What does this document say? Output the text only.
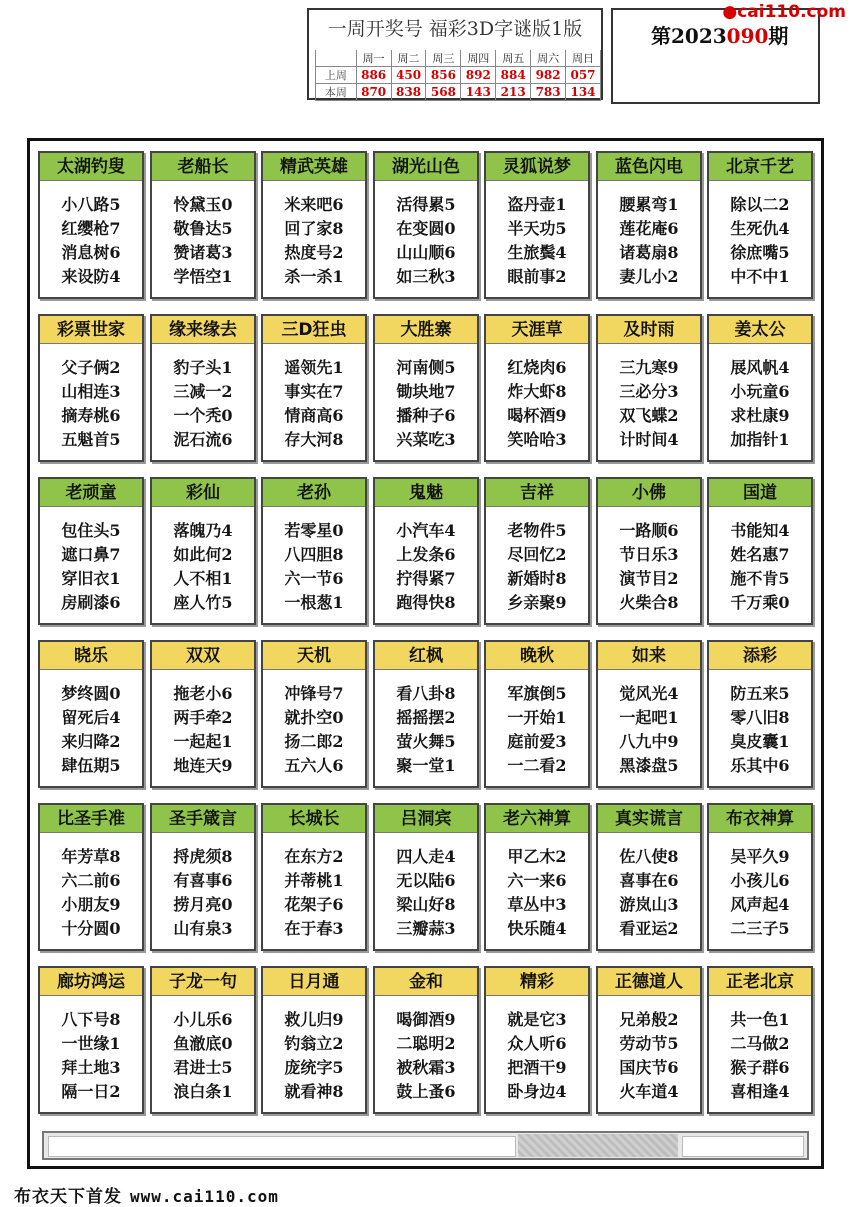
一周开奖号 福彩3D字谜版1版
	周一	周二	周三	周四	周五	周六	周日
上周	886	450	856	892	884	982	057
本周	870	838	568	143	213	783	134
第2023090期
●cai110.com
太湖钓叟
小八路5
红缨枪7
消息树6
来设防4
老船长
怜黛玉0
敬鲁达5
赞诸葛3
学悟空1
精武英雄
米来吧6
回了家8
热度号2
杀一杀1
湖光山色
活得累5
在变圆0
山山顺6
如三秋3
灵狐说梦
盗丹壶1
半天功5
生旅鬓4
眼前事2
蓝色闪电
腰累弯1
莲花庵6
诸葛扇8
妻儿小2
北京千艺
除以二2
生死仇4
徐庶嘴5
中不中1
彩票世家
父子俩2
山相连3
摘寿桃6
五魁首5
缘来缘去
豹子头1
三减一2
一个秃0
泥石流6
三D狂虫
遥领先1
事实在7
情商高6
存大河8
大胜寨
河南侧5
锄块地7
播种子6
兴菜吃3
天涯草
红烧肉6
炸大虾8
喝杯酒9
笑哈哈3
及时雨
三九寒9
三必分3
双飞蝶2
计时间4
姜太公
展风帆4
小玩童6
求杜康9
加指针1
老顽童
包住头5
遮口鼻7
穿旧衣1
房刷漆6
彩仙
落魄乃4
如此何2
人不相1
座人竹5
老孙
若零星0
八四胆8
六一节6
一根葱1
鬼魅
小汽车4
上发条6
拧得紧7
跑得快8
吉祥
老物件5
尽回忆2
新婚时8
乡亲聚9
小佛
一路顺6
节日乐3
演节目2
火柴合8
国道
书能知4
姓名惠7
施不肯5
千万乘0
晓乐
梦终圆0
留死后4
来归降2
肆伍期5
双双
拖老小6
两手牵2
一起起1
地连天9
天机
冲锋号7
就扑空0
扬二郎2
五六人6
红枫
看八卦8
摇摇摆2
萤火舞5
聚一堂1
晚秋
军旗倒5
一开始1
庭前爱3
一二看2
如来
觉风光4
一起吧1
八九中9
黑漆盘5
添彩
防五来5
零八旧8
臭皮囊1
乐其中6
比圣手准
年芳草8
六二前6
小朋友9
十分圆0
圣手箴言
捋虎须8
有喜事6
捞月亮0
山有泉3
长城长
在东方2
并蒂桃1
花架子6
在于春3
吕洞宾
四人走4
无以陆6
梁山好8
三瓣蒜3
老六神算
甲乙木2
六一来6
草丛中3
快乐随4
真实谎言
佐八使8
喜事在6
游岚山3
看亚运2
布衣神算
吴平久9
小孩儿6
风声起4
二三子5
廊坊鸿运
八下号8
一世缘1
拜土地3
隔一日2
子龙一句
小儿乐6
鱼澈底0
君进士5
浪白条1
日月通
救儿归9
钓翁立2
庞统字5
就看神8
金和
喝御酒9
二聪明2
被秋霜3
鼓上蚤6
精彩
就是它3
众人听6
把酒干9
卧身边4
正德道人
兄弟般2
劳动节5
国庆节6
火车道4
正老北京
共一色1
二马做2
猴子群6
喜相逢4
布衣天下首发 www.cai110.com
